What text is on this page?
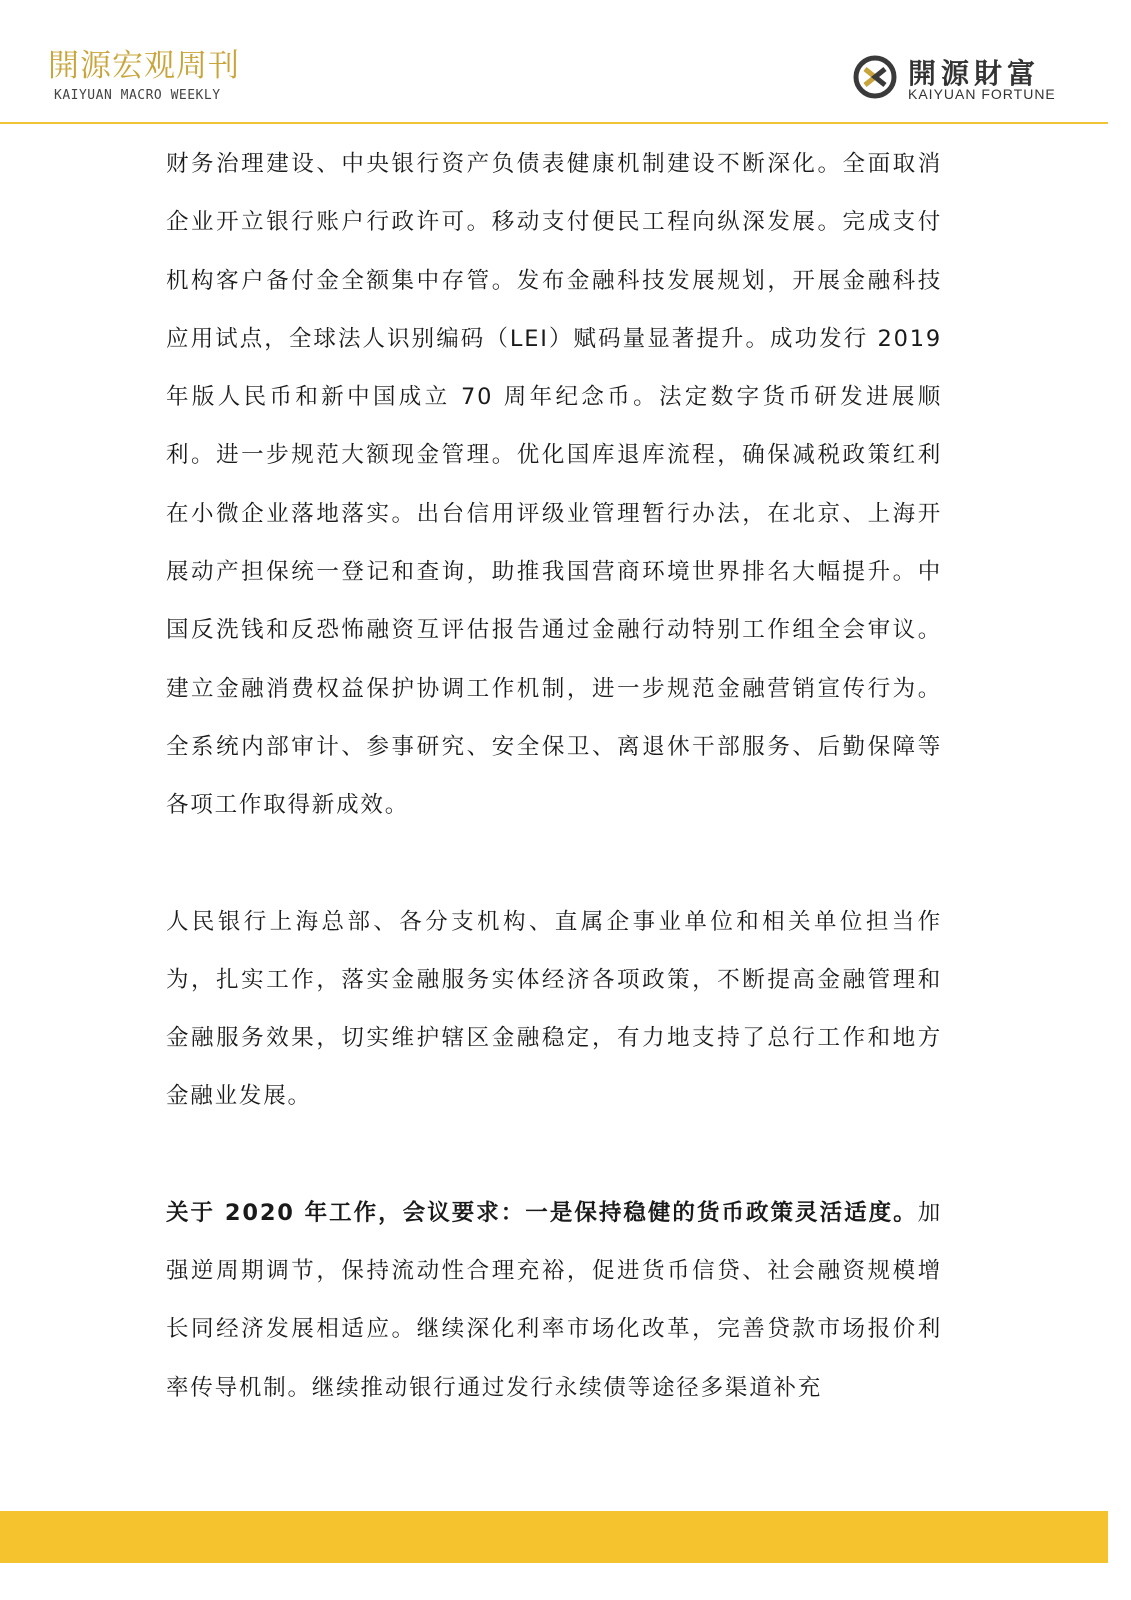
開源宏观周刊
KAIYUAN MACRO WEEKLY
開源財富
KAIYUAN FORTUNE

财务治理建设、中央银行资产负债表健康机制建设不断深化。全面取消企业开立银行账户行政许可。移动支付便民工程向纵深发展。完成支付机构客户备付金全额集中存管。发布金融科技发展规划，开展金融科技应用试点，全球法人识别编码（LEI）赋码量显著提升。成功发行 2019 年版人民币和新中国成立 70 周年纪念币。法定数字货币研发进展顺利。进一步规范大额现金管理。优化国库退库流程，确保减税政策红利在小微企业落地落实。出台信用评级业管理暂行办法，在北京、上海开展动产担保统一登记和查询，助推我国营商环境世界排名大幅提升。中国反洗钱和反恐怖融资互评估报告通过金融行动特别工作组全会审议。建立金融消费权益保护协调工作机制，进一步规范金融营销宣传行为。全系统内部审计、参事研究、安全保卫、离退休干部服务、后勤保障等各项工作取得新成效。

人民银行上海总部、各分支机构、直属企事业单位和相关单位担当作为，扎实工作，落实金融服务实体经济各项政策，不断提高金融管理和金融服务效果，切实维护辖区金融稳定，有力地支持了总行工作和地方金融业发展。

关于 2020 年工作，会议要求：一是保持稳健的货币政策灵活适度。加强逆周期调节，保持流动性合理充裕，促进货币信贷、社会融资规模增长同经济发展相适应。继续深化利率市场化改革，完善贷款市场报价利率传导机制。继续推动银行通过发行永续债等途径多渠道补充
